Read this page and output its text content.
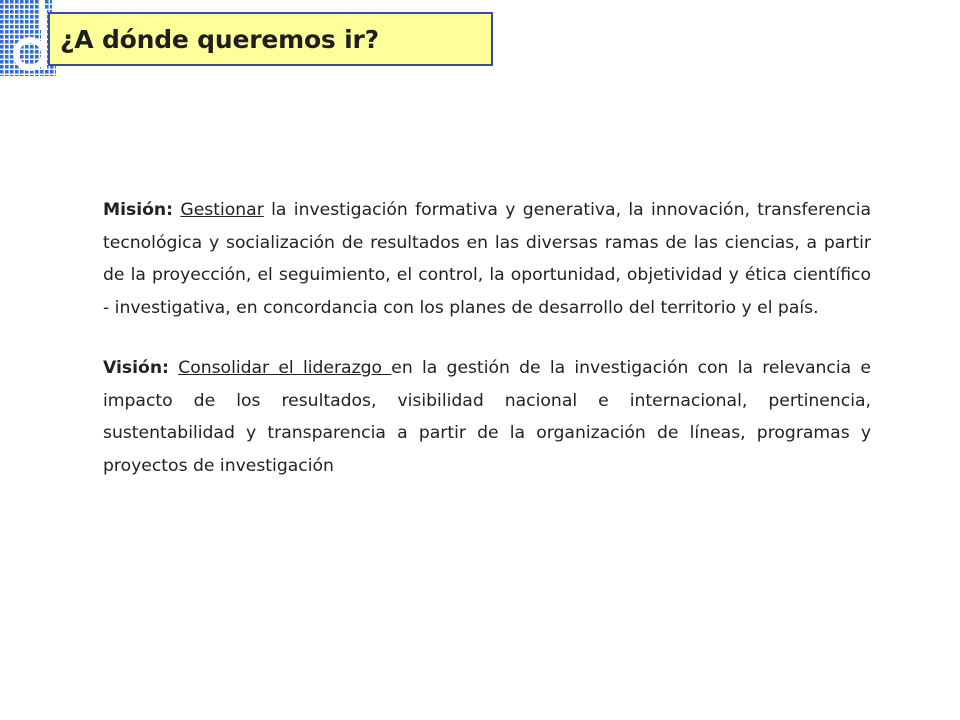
¿A dónde queremos ir?

Misión: Gestionar la investigación formativa y generativa, la innovación, transferencia tecnológica y socialización de resultados en las diversas ramas de las ciencias, a partir de la proyección, el seguimiento, el control, la oportunidad, objetividad y ética científico - investigativa, en concordancia con los planes de desarrollo del territorio y el país.

Visión: Consolidar el liderazgo en la gestión de la investigación con la relevancia e impacto de los resultados, visibilidad nacional e internacional, pertinencia, sustentabilidad y transparencia a partir de la organización de líneas, programas y proyectos de investigación
